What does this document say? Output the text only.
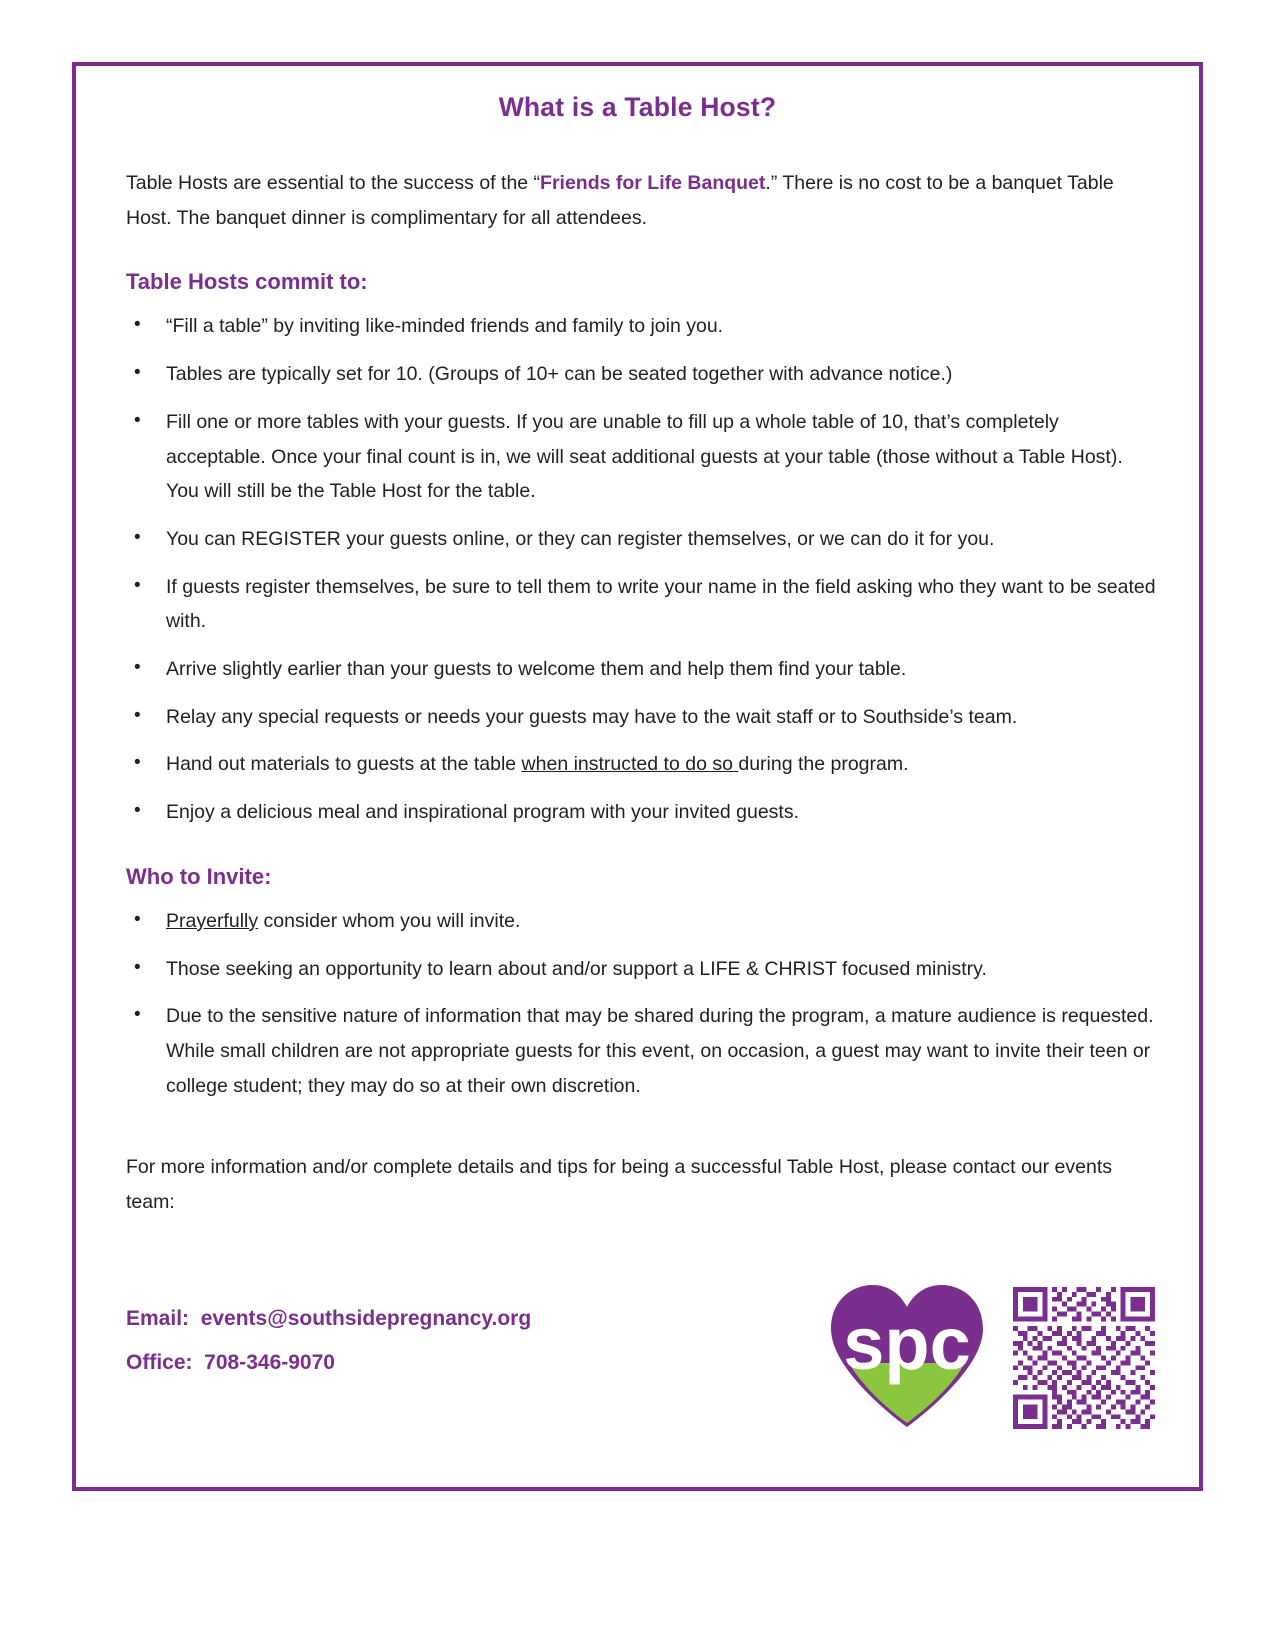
What is a Table Host?

Table Hosts are essential to the success of the “Friends for Life Banquet.” There is no cost to be a banquet Table Host. The banquet dinner is complimentary for all attendees.

Table Hosts commit to:
• “Fill a table” by inviting like-minded friends and family to join you.
• Tables are typically set for 10. (Groups of 10+ can be seated together with advance notice.)
• Fill one or more tables with your guests. If you are unable to fill up a whole table of 10, that’s completely acceptable. Once your final count is in, we will seat additional guests at your table (those without a Table Host). You will still be the Table Host for the table.
• You can REGISTER your guests online, or they can register themselves, or we can do it for you.
• If guests register themselves, be sure to tell them to write your name in the field asking who they want to be seated with.
• Arrive slightly earlier than your guests to welcome them and help them find your table.
• Relay any special requests or needs your guests may have to the wait staff or to Southside’s team.
• Hand out materials to guests at the table when instructed to do so during the program.
• Enjoy a delicious meal and inspirational program with your invited guests.
Who to Invite:
• Prayerfully consider whom you will invite.
• Those seeking an opportunity to learn about and/or support a LIFE & CHRIST focused ministry.
• Due to the sensitive nature of information that may be shared during the program, a mature audience is requested. While small children are not appropriate guests for this event, on occasion, a guest may want to invite their teen or college student; they may do so at their own discretion.

For more information and/or complete details and tips for being a successful Table Host, please contact our events team:

Email:  events@southsidepregnancy.org
Office:  708-346-9070	spc
